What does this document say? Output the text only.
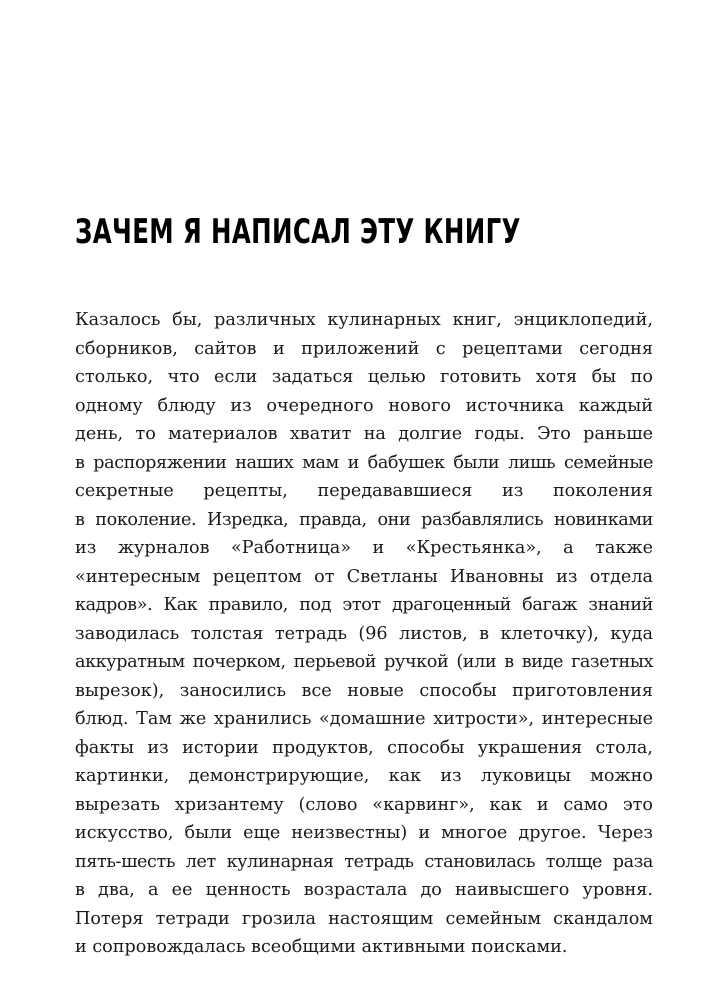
ЗАЧЕМ Я НАПИСАЛ ЭТУ КНИГУ
Казалось бы, различных кулинарных книг, энциклопедий,
сборников, сайтов и приложений с рецептами сегодня
столько, что если задаться целью готовить хотя бы по
одному блюду из очередного нового источника каждый
день, то материалов хватит на долгие годы. Это раньше
в распоряжении наших мам и бабушек были лишь семейные
секретные рецепты, передававшиеся из поколения
в поколение. Изредка, правда, они разбавлялись новинками
из журналов «Работница» и «Крестьянка», а также
«интересным рецептом от Светланы Ивановны из отдела
кадров». Как правило, под этот драгоценный багаж знаний
заводилась толстая тетрадь (96 листов, в клеточку), куда
аккуратным почерком, перьевой ручкой (или в виде газетных
вырезок), заносились все новые способы приготовления
блюд. Там же хранились «домашние хитрости», интересные
факты из истории продуктов, способы украшения стола,
картинки, демонстрирующие, как из луковицы можно
вырезать хризантему (слово «карвинг», как и само это
искусство, были еще неизвестны) и многое другое. Через
пять-шесть лет кулинарная тетрадь становилась толще раза
в два, а ее ценность возрастала до наивысшего уровня.
Потеря тетради грозила настоящим семейным скандалом
и сопровождалась всеобщими активными поисками.
